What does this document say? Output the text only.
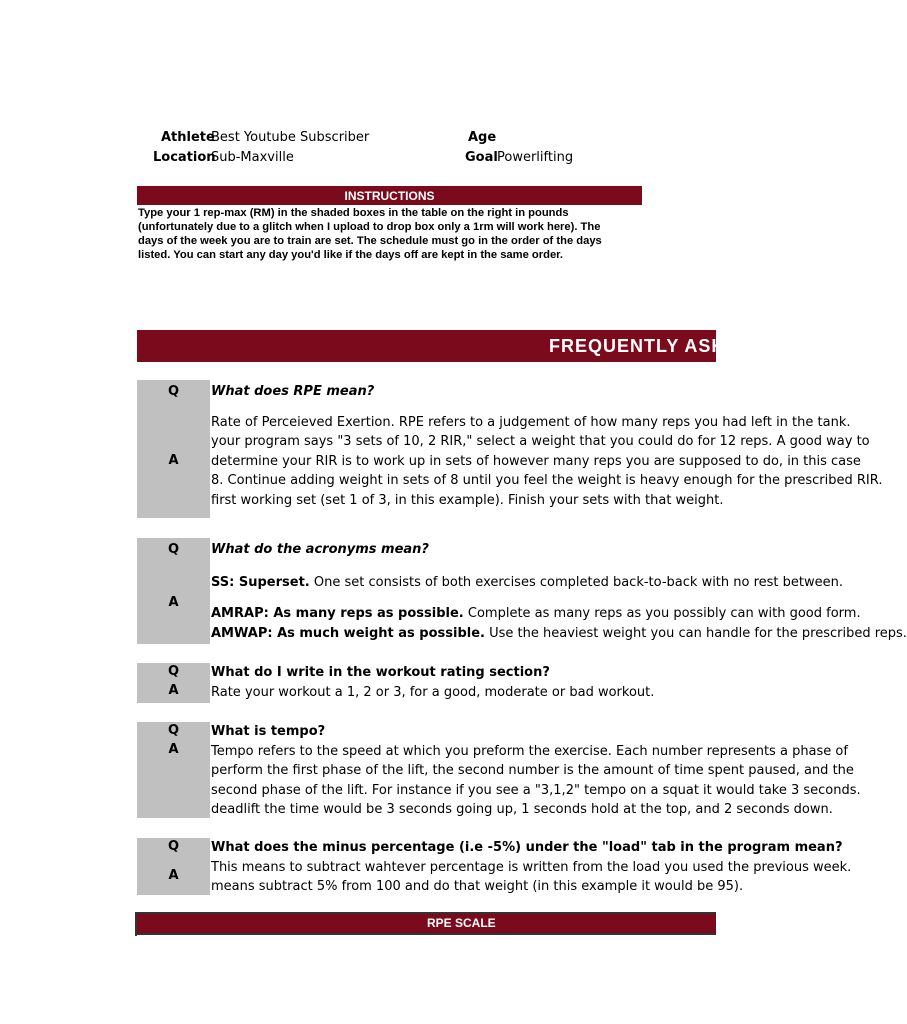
Athlete
Best Youtube Subscriber	Age
Location
Sub-Maxville	Goal Powerlifting
INSTRUCTIONS
Type your 1 rep-max (RM) in the shaded boxes in the table on the right in pounds
(unfortunately due to a glitch when I upload to drop box only a 1rm will work here). The
days of the week you are to train are set. The schedule must go in the order of the days
listed. You can start any day you'd like if the days off are kept in the same order.
FREQUENTLY ASKED QUESTIONS
Q
A
What does RPE mean?
Rate of Perceieved Exertion. RPE refers to a judgement of how many reps you had left in the tank.
your program says "3 sets of 10, 2 RIR," select a weight that you could do for 12 reps. A good way to
determine your RIR is to work up in sets of however many reps you are supposed to do, in this case
8. Continue adding weight in sets of 8 until you feel the weight is heavy enough for the prescribed RIR.
first working set (set 1 of 3, in this example). Finish your sets with that weight.
Q
A
What do the acronyms mean?
SS: Superset. One set consists of both exercises completed back-to-back with no rest between.
AMRAP: As many reps as possible. Complete as many reps as you possibly can with good form.
AMWAP: As much weight as possible. Use the heaviest weight you can handle for the prescribed reps.
Q
A
What do I write in the workout rating section?
Rate your workout a 1, 2 or 3, for a good, moderate or bad workout.
Q
A
What is tempo?
Tempo refers to the speed at which you preform the exercise. Each number represents a phase of
perform the first phase of the lift, the second number is the amount of time spent paused, and the
second phase of the lift. For instance if you see a "3,1,2" tempo on a squat it would take 3 seconds.
deadlift the time would be 3 seconds going up, 1 seconds hold at the top, and 2 seconds down.
Q
A
What does the minus percentage (i.e -5%) under the "load" tab in the program mean?
This means to subtract wahtever percentage is written from the load you used the previous week.
means subtract 5% from 100 and do that weight (in this example it would be 95).
RPE SCALE
